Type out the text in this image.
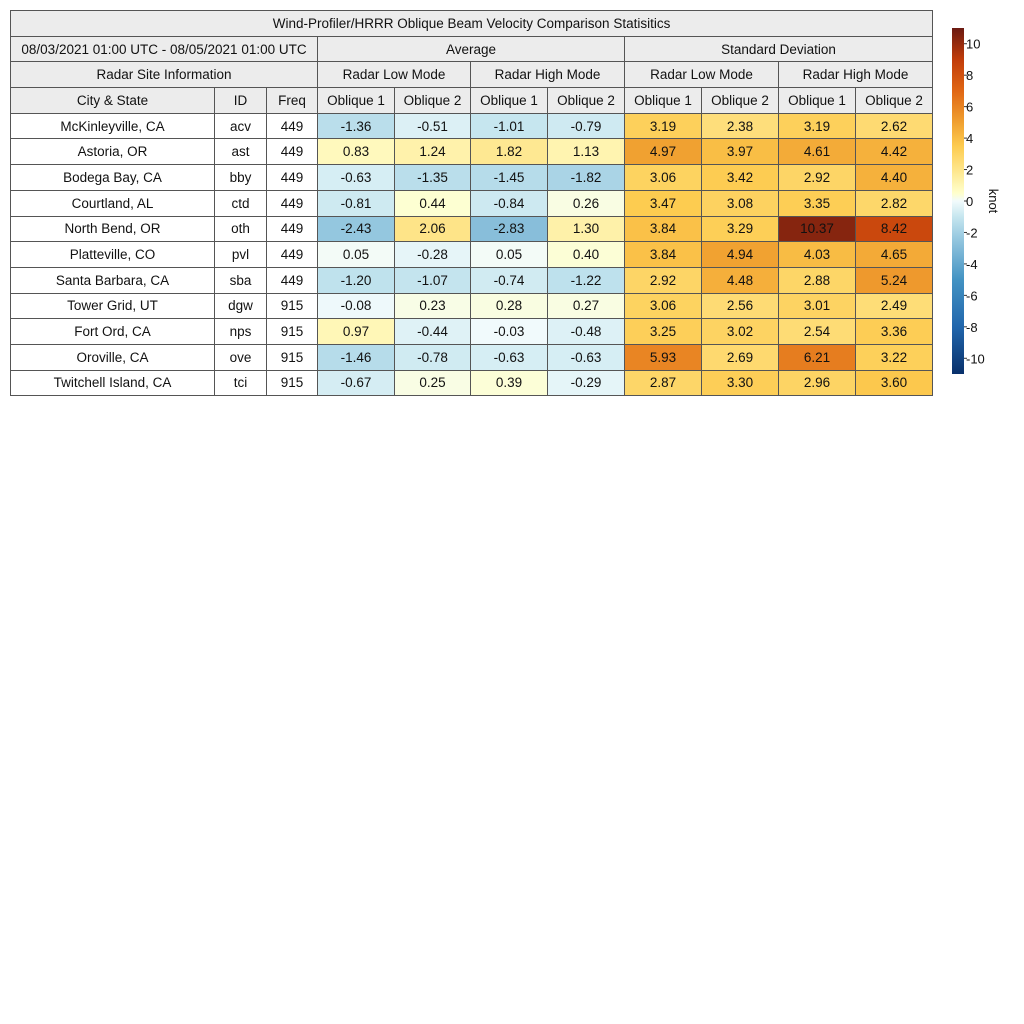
Wind-Profiler/HRRR Oblique Beam Velocity Comparison Statisitics										
08/03/2021 01:00 UTC - 08/05/2021 01:00 UTC			Average				Standard Deviation			
Radar Site Information			Radar Low Mode		Radar High Mode		Radar Low Mode		Radar High Mode	
City & State	ID	Freq	Oblique 1	Oblique 2	Oblique 1	Oblique 2	Oblique 1	Oblique 2	Oblique 1	Oblique 2
McKinleyville, CA	acv	449	-1.36	-0.51	-1.01	-0.79	3.19	2.38	3.19	2.62
Astoria, OR	ast	449	0.83	1.24	1.82	1.13	4.97	3.97	4.61	4.42
Bodega Bay, CA	bby	449	-0.63	-1.35	-1.45	-1.82	3.06	3.42	2.92	4.40
Courtland, AL	ctd	449	-0.81	0.44	-0.84	0.26	3.47	3.08	3.35	2.82
North Bend, OR	oth	449	-2.43	2.06	-2.83	1.30	3.84	3.29	10.37	8.42
Platteville, CO	pvl	449	0.05	-0.28	0.05	0.40	3.84	4.94	4.03	4.65
Santa Barbara, CA	sba	449	-1.20	-1.07	-0.74	-1.22	2.92	4.48	2.88	5.24
Tower Grid, UT	dgw	915	-0.08	0.23	0.28	0.27	3.06	2.56	3.01	2.49
Fort Ord, CA	nps	915	0.97	-0.44	-0.03	-0.48	3.25	3.02	2.54	3.36
Oroville, CA	ove	915	-1.46	-0.78	-0.63	-0.63	5.93	2.69	6.21	3.22
Twitchell Island, CA	tci	915	-0.67	0.25	0.39	-0.29	2.87	3.30	2.96	3.60
-10
-8
-6
-4
-2
0
2
4
6
8
10
knot
